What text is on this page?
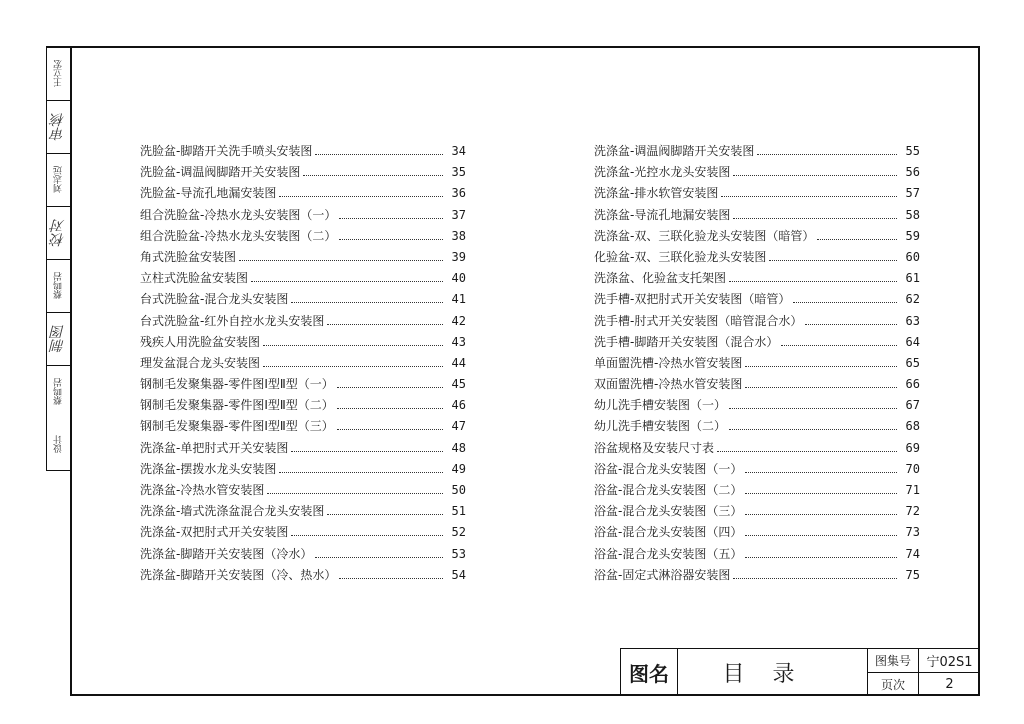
王立宏
审核
刘志远
校对
蔡鸣岩
制图
蔡鸣岩
设计
洗脸盆-脚踏开关洗手喷头安装图	34
洗脸盆-调温阀脚踏开关安装图	35
洗脸盆-导流孔地漏安装图	36
组合洗脸盆-冷热水龙头安装图（一）	37
组合洗脸盆-冷热水龙头安装图（二）	38
角式洗脸盆安装图	39
立柱式洗脸盆安装图	40
台式洗脸盆-混合龙头安装图	41
台式洗脸盆-红外自控水龙头安装图	42
残疾人用洗脸盆安装图	43
理发盆混合龙头安装图	44
钢制毛发聚集器-零件图Ⅰ型Ⅱ型（一）	45
钢制毛发聚集器-零件图Ⅰ型Ⅱ型（二）	46
钢制毛发聚集器-零件图Ⅰ型Ⅱ型（三）	47
洗涤盆-单把肘式开关安装图	48
洗涤盆-摆拨水龙头安装图	49
洗涤盆-冷热水管安装图	50
洗涤盆-墙式洗涤盆混合龙头安装图	51
洗涤盆-双把肘式开关安装图	52
洗涤盆-脚踏开关安装图（冷水）	53
洗涤盆-脚踏开关安装图（冷、热水）	54
洗涤盆-调温阀脚踏开关安装图	55
洗涤盆-光控水龙头安装图	56
洗涤盆-排水软管安装图	57
洗涤盆-导流孔地漏安装图	58
洗涤盆-双、三联化验龙头安装图（暗管）	59
化验盆-双、三联化验龙头安装图	60
洗涤盆、化验盆支托架图	61
洗手槽-双把肘式开关安装图（暗管）	62
洗手槽-肘式开关安装图（暗管混合水）	63
洗手槽-脚踏开关安装图（混合水）	64
单面盥洗槽-冷热水管安装图	65
双面盥洗槽-冷热水管安装图	66
幼儿洗手槽安装图（一）	67
幼儿洗手槽安装图（二）	68
浴盆规格及安装尺寸表	69
浴盆-混合龙头安装图（一）	70
浴盆-混合龙头安装图（二）	71
浴盆-混合龙头安装图（三）	72
浴盆-混合龙头安装图（四）	73
浴盆-混合龙头安装图（五）	74
浴盆-固定式淋浴器安装图	75
图名	目录
图集号	宁02S1
页次	2
